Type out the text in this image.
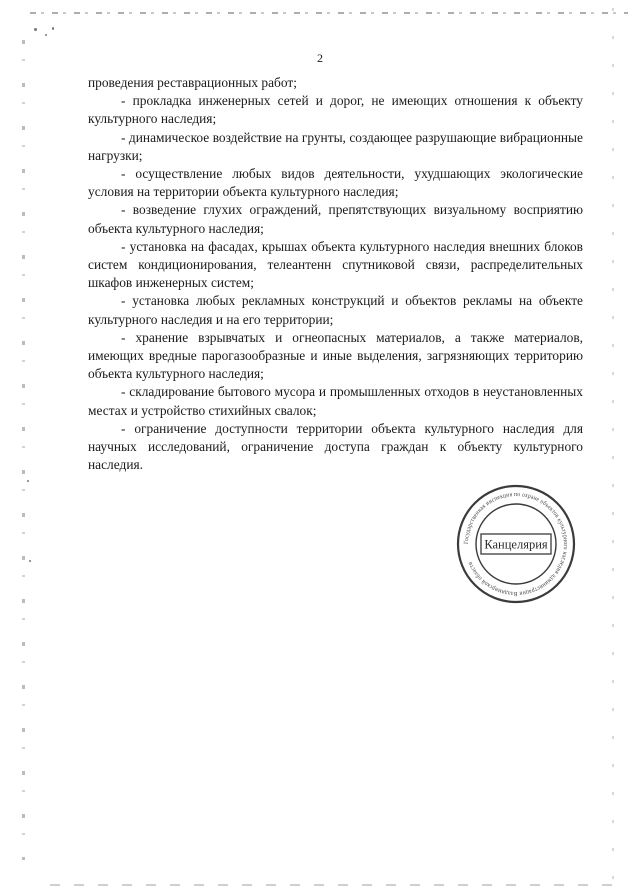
2

проведения реставрационных работ;

- прокладка инженерных сетей и дорог, не имеющих отношения к объекту культурного наследия;

- динамическое воздействие на грунты, создающее разрушающие вибрационные нагрузки;

- осуществление любых видов деятельности, ухудшающих экологические условия на территории объекта культурного наследия;

- возведение глухих ограждений, препятствующих визуальному восприятию объекта культурного наследия;

- установка на фасадах, крышах объекта культурного наследия внешних блоков систем кондиционирования, телеантенн спутниковой связи, распределительных шкафов инженерных систем;

- установка любых рекламных конструкций и объектов рекламы на объекте культурного наследия и на его территории;

- хранение взрывчатых и огнеопасных материалов, а также материалов, имеющих вредные парогазообразные и иные выделения, загрязняющих территорию объекта культурного наследия;

- складирование бытового мусора и промышленных отходов в неустановленных местах и устройство стихийных свалок;

- ограничение доступности территории объекта культурного наследия для научных исследований, ограничение доступа граждан к объекту культурного наследия.

Государственная инспекция по охране объектов культурного наследия администрации Владимирской области
Канцелярия
